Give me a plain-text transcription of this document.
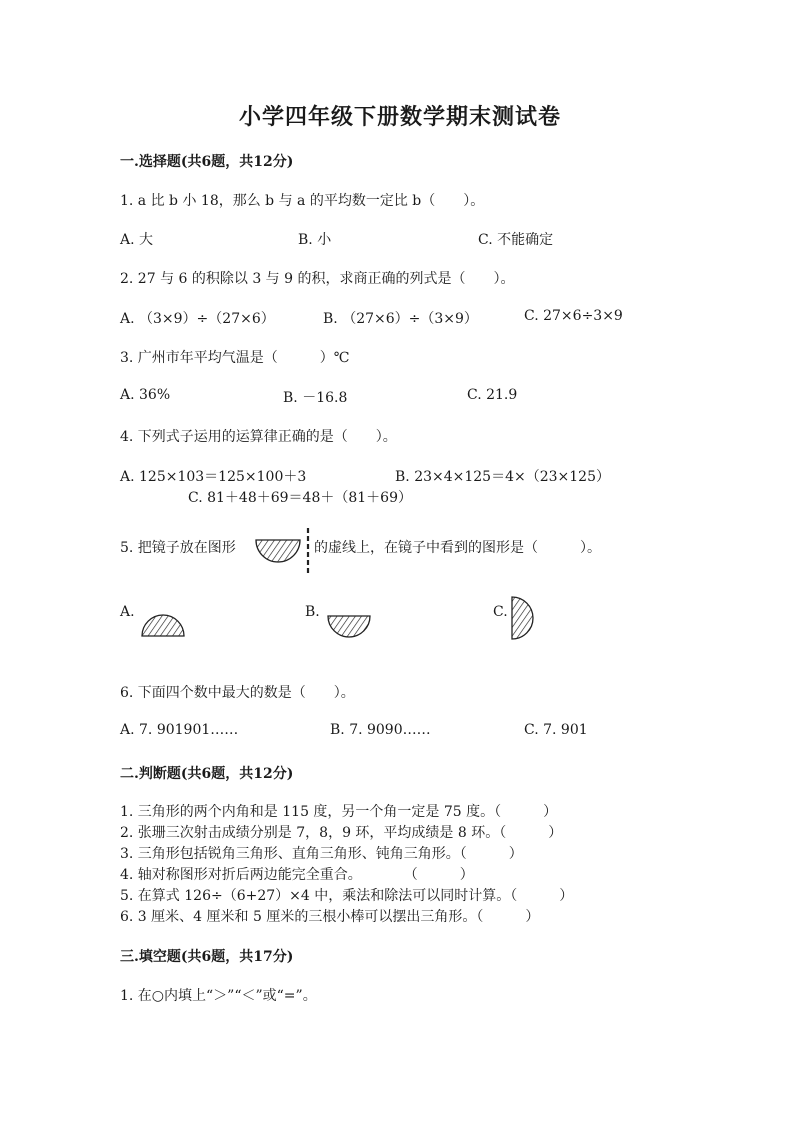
小学四年级下册数学期末测试卷
一.选择题(共6题，共12分)
1. a 比 b 小 18，那么 b 与 a 的平均数一定比 b（　　）。
A. 大	B. 小	C. 不能确定
2. 27 与 6 的积除以 3 与 9 的积，求商正确的列式是（　　）。
A. （3×9）÷（27×6）	B. （27×6）÷（3×9）	C. 27×6÷3×9
3. 广州市年平均气温是（　　　）℃
A. 36%	B. －16.8	C. 21.9
4. 下列式子运用的运算律正确的是（　　）。
A. 125×103＝125×100＋3	B. 23×4×125＝4×（23×125）
C. 81＋48＋69＝48＋（81＋69）
5. 把镜子放在图形	的虚线上，在镜子中看到的图形是（　　　）。
A.	B.	C.
6. 下面四个数中最大的数是（　　）。
A. 7. 901901……	B. 7. 9090……	C. 7. 901
二.判断题(共6题，共12分)
1. 三角形的两个内角和是 115 度，另一个角一定是 75 度。（　　　）
2. 张珊三次射击成绩分别是 7，8，9 环，平均成绩是 8 环。（　　　）
3. 三角形包括锐角三角形、直角三角形、钝角三角形。（　　　）
4. 轴对称图形对折后两边能完全重合。　　　　（　　　）
5. 在算式 126÷（6+27）×4 中，乘法和除法可以同时计算。（　　　）
6. 3 厘米、4 厘米和 5 厘米的三根小棒可以摆出三角形。（　　　）
三.填空题(共6题，共17分)
1. 在○内填上“＞”“＜”或“=”。
